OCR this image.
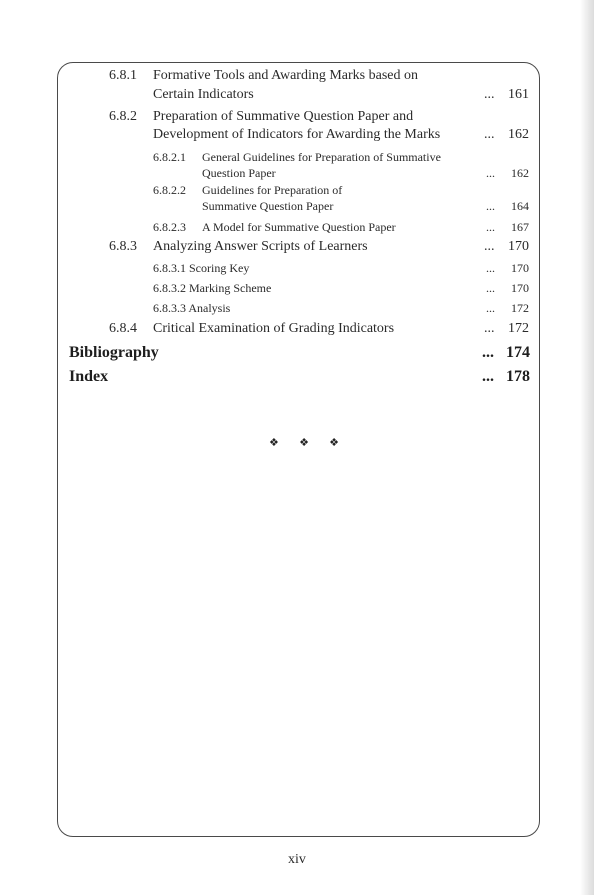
6.8.1 Formative Tools and Awarding Marks based on
Certain Indicators	... 161
6.8.2 Preparation of Summative Question Paper and
Development of Indicators for Awarding the Marks	... 162
6.8.2.1 General Guidelines for Preparation of Summative
Question Paper	...	162
6.8.2.2 Guidelines for Preparation of
Summative Question Paper	...	164
6.8.2.3 A Model for Summative Question Paper	...	167
6.8.3 Analyzing Answer Scripts of Learners	... 170
6.8.3.1 Scoring Key	...	170
6.8.3.2 Marking Scheme	...	170
6.8.3.3 Analysis	...	172
6.8.4 Critical Examination of Grading Indicators	... 172
Bibliography	... 174
Index	... 178
❖ ❖ ❖
xiv
